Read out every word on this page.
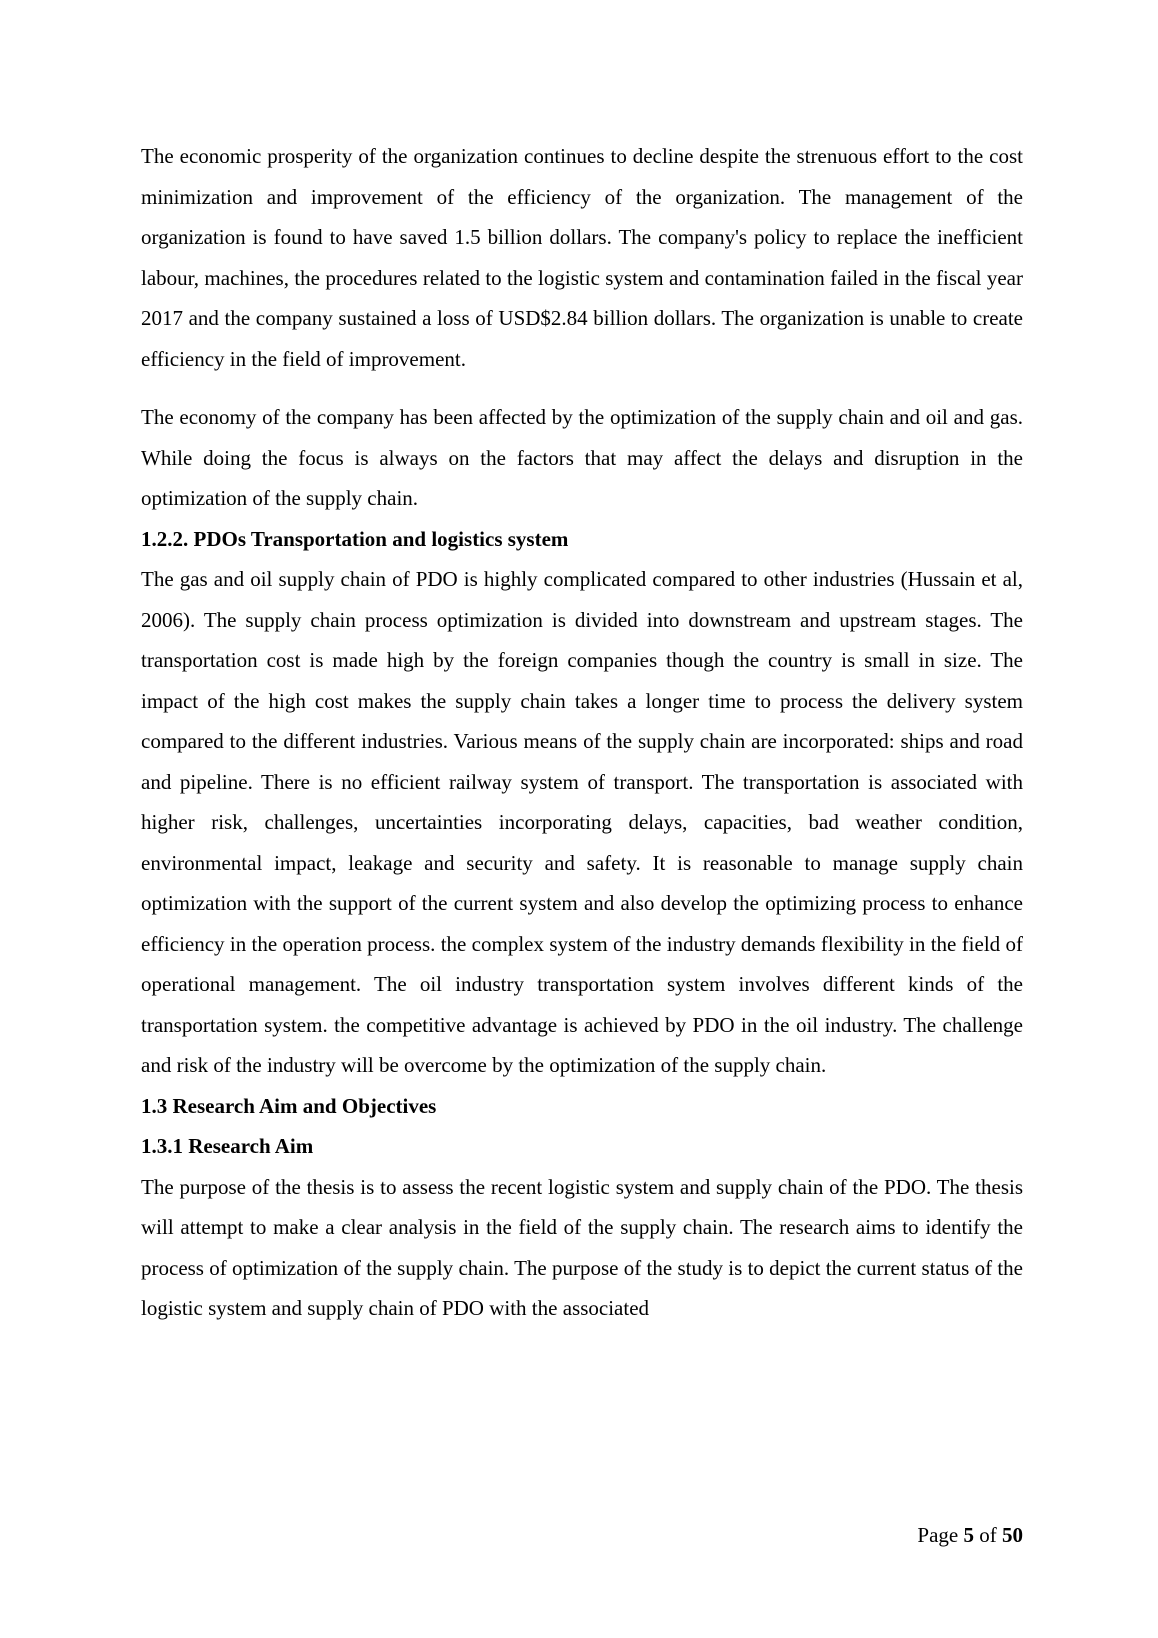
The economic prosperity of the organization continues to decline despite the strenuous effort to the cost minimization and improvement of the efficiency of the organization. The management of the organization is found to have saved 1.5 billion dollars. The company's policy to replace the inefficient labour, machines, the procedures related to the logistic system and contamination failed in the fiscal year 2017 and the company sustained a loss of USD$2.84 billion dollars. The organization is unable to create efficiency in the field of improvement.

The economy of the company has been affected by the optimization of the supply chain and oil and gas. While doing the focus is always on the factors that may affect the delays and disruption in the optimization of the supply chain.

1.2.2. PDOs Transportation and logistics system

The gas and oil supply chain of PDO is highly complicated compared to other industries (Hussain et al, 2006). The supply chain process optimization is divided into downstream and upstream stages. The transportation cost is made high by the foreign companies though the country is small in size. The impact of the high cost makes the supply chain takes a longer time to process the delivery system compared to the different industries. Various means of the supply chain are incorporated: ships and road and pipeline. There is no efficient railway system of transport. The transportation is associated with higher risk, challenges, uncertainties incorporating delays, capacities, bad weather condition, environmental impact, leakage and security and safety. It is reasonable to manage supply chain optimization with the support of the current system and also develop the optimizing process to enhance efficiency in the operation process. the complex system of the industry demands flexibility in the field of operational management. The oil industry transportation system involves different kinds of the transportation system. the competitive advantage is achieved by PDO in the oil industry. The challenge and risk of the industry will be overcome by the optimization of the supply chain.

1.3 Research Aim and Objectives
1.3.1 Research Aim

The purpose of the thesis is to assess the recent logistic system and supply chain of the PDO. The thesis will attempt to make a clear analysis in the field of the supply chain. The research aims to identify the process of optimization of the supply chain. The purpose of the study is to depict the current status of the logistic system and supply chain of PDO with the associated

Page 5 of 50
